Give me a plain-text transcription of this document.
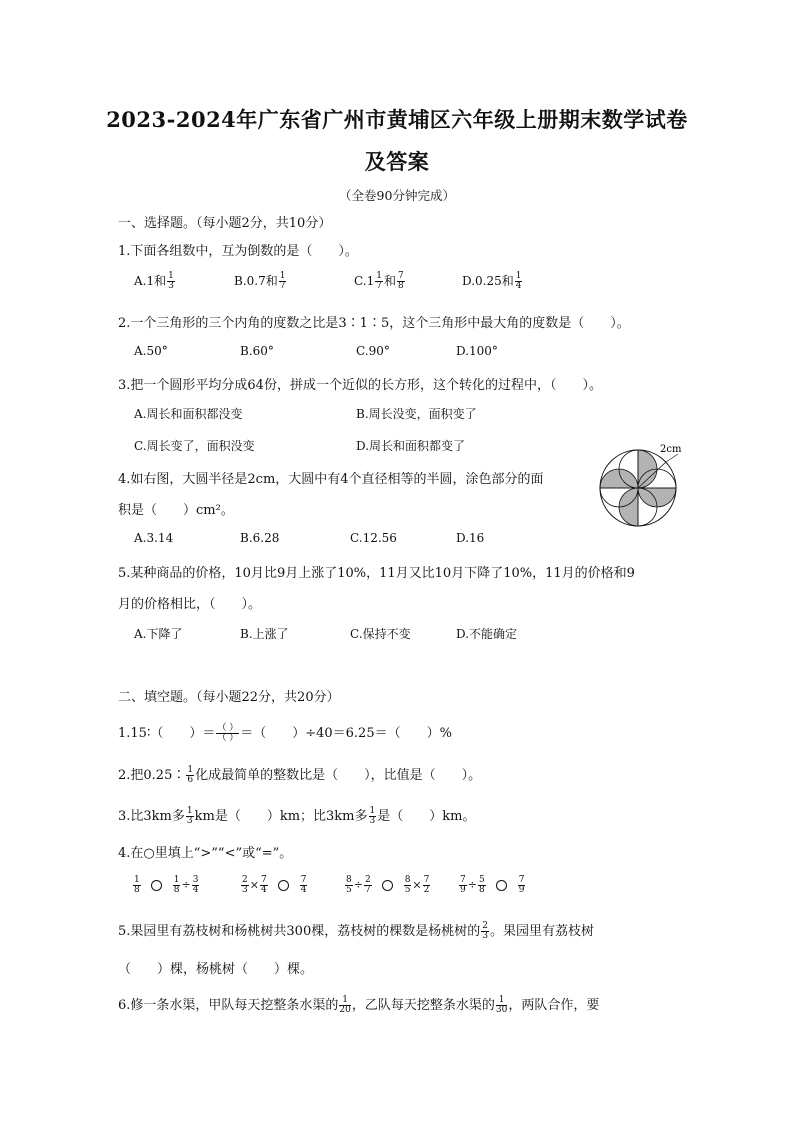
2023-2024年广东省广州市黄埔区六年级上册期末数学试卷
及答案
（全卷90分钟完成）
一、选择题。（每小题2分，共10分）
1.下面各组数中，互为倒数的是（　　）。
A.1和 $\frac{1}{3}$	B.0.7和 $\frac{1}{7}$	$C.1 \frac{1}{7}$ 和 $\frac{7}{8}$	D.0.25和 $\frac{1}{4}$
2.一个三角形的三个内角的度数之比是3∶1∶5，这个三角形中最大角的度数是（　　）。
A.50°	B.60°	C.90°	D.100°
3.把一个圆形平均分成64份，拼成一个近似的长方形，这个转化的过程中，（　　）。
A.周长和面积都没变	B.周长没变，面积变了
C.周长变了，面积没变	D.周长和面积都变了
4.如右图，大圆半径是2cm，大圆中有4个直径相等的半圆，涂色部分的面
积是（　　）cm²。
A.3.14	B.6.28	C.12.56	D.16
2cm
5.某种商品的价格，10月比9月上涨了10%，11月又比10月下降了10%，11月的价格和9
月的价格相比，（　　）。
A.下降了	B.上涨了	C.保持不变	D.不能确定
二、填空题。（每小题22分，共20分）
1.15∶（　　）＝ $\frac{( )}{( )}$ ＝（　　）÷40＝6.25＝（　　）%
2.把0.25∶ $\frac{1}{6}$ 化成最简单的整数比是（　　），比值是（　　）。
3.比3km多 $\frac{1}{3}$ km是（　　）km；比3km多 $\frac{1}{3}$ 是（　　）km。
4.在○里填上“>”“<”或“=”。
$\frac{1}{8}$
	$\frac{1}{8} \div \frac{3}{4}$	$\frac{2}{3} \times \frac{7}{4}$
	$\frac{7}{4}$	$\frac{8}{5} \div \frac{2}{7}$
	$\frac{8}{5} \times \frac{7}{2}$	$\frac{7}{9} \div \frac{5}{8}$
	$\frac{7}{9}$
5.果园里有荔枝树和杨桃树共300棵，荔枝树的棵数是杨桃树的 $\frac{2}{3}$ 。果园里有荔枝树
（　　）棵，杨桃树（　　）棵。
6.修一条水渠，甲队每天挖整条水渠的 $\frac{1}{20}$ ，乙队每天挖整条水渠的 $\frac{1}{30}$ ，两队合作，要
